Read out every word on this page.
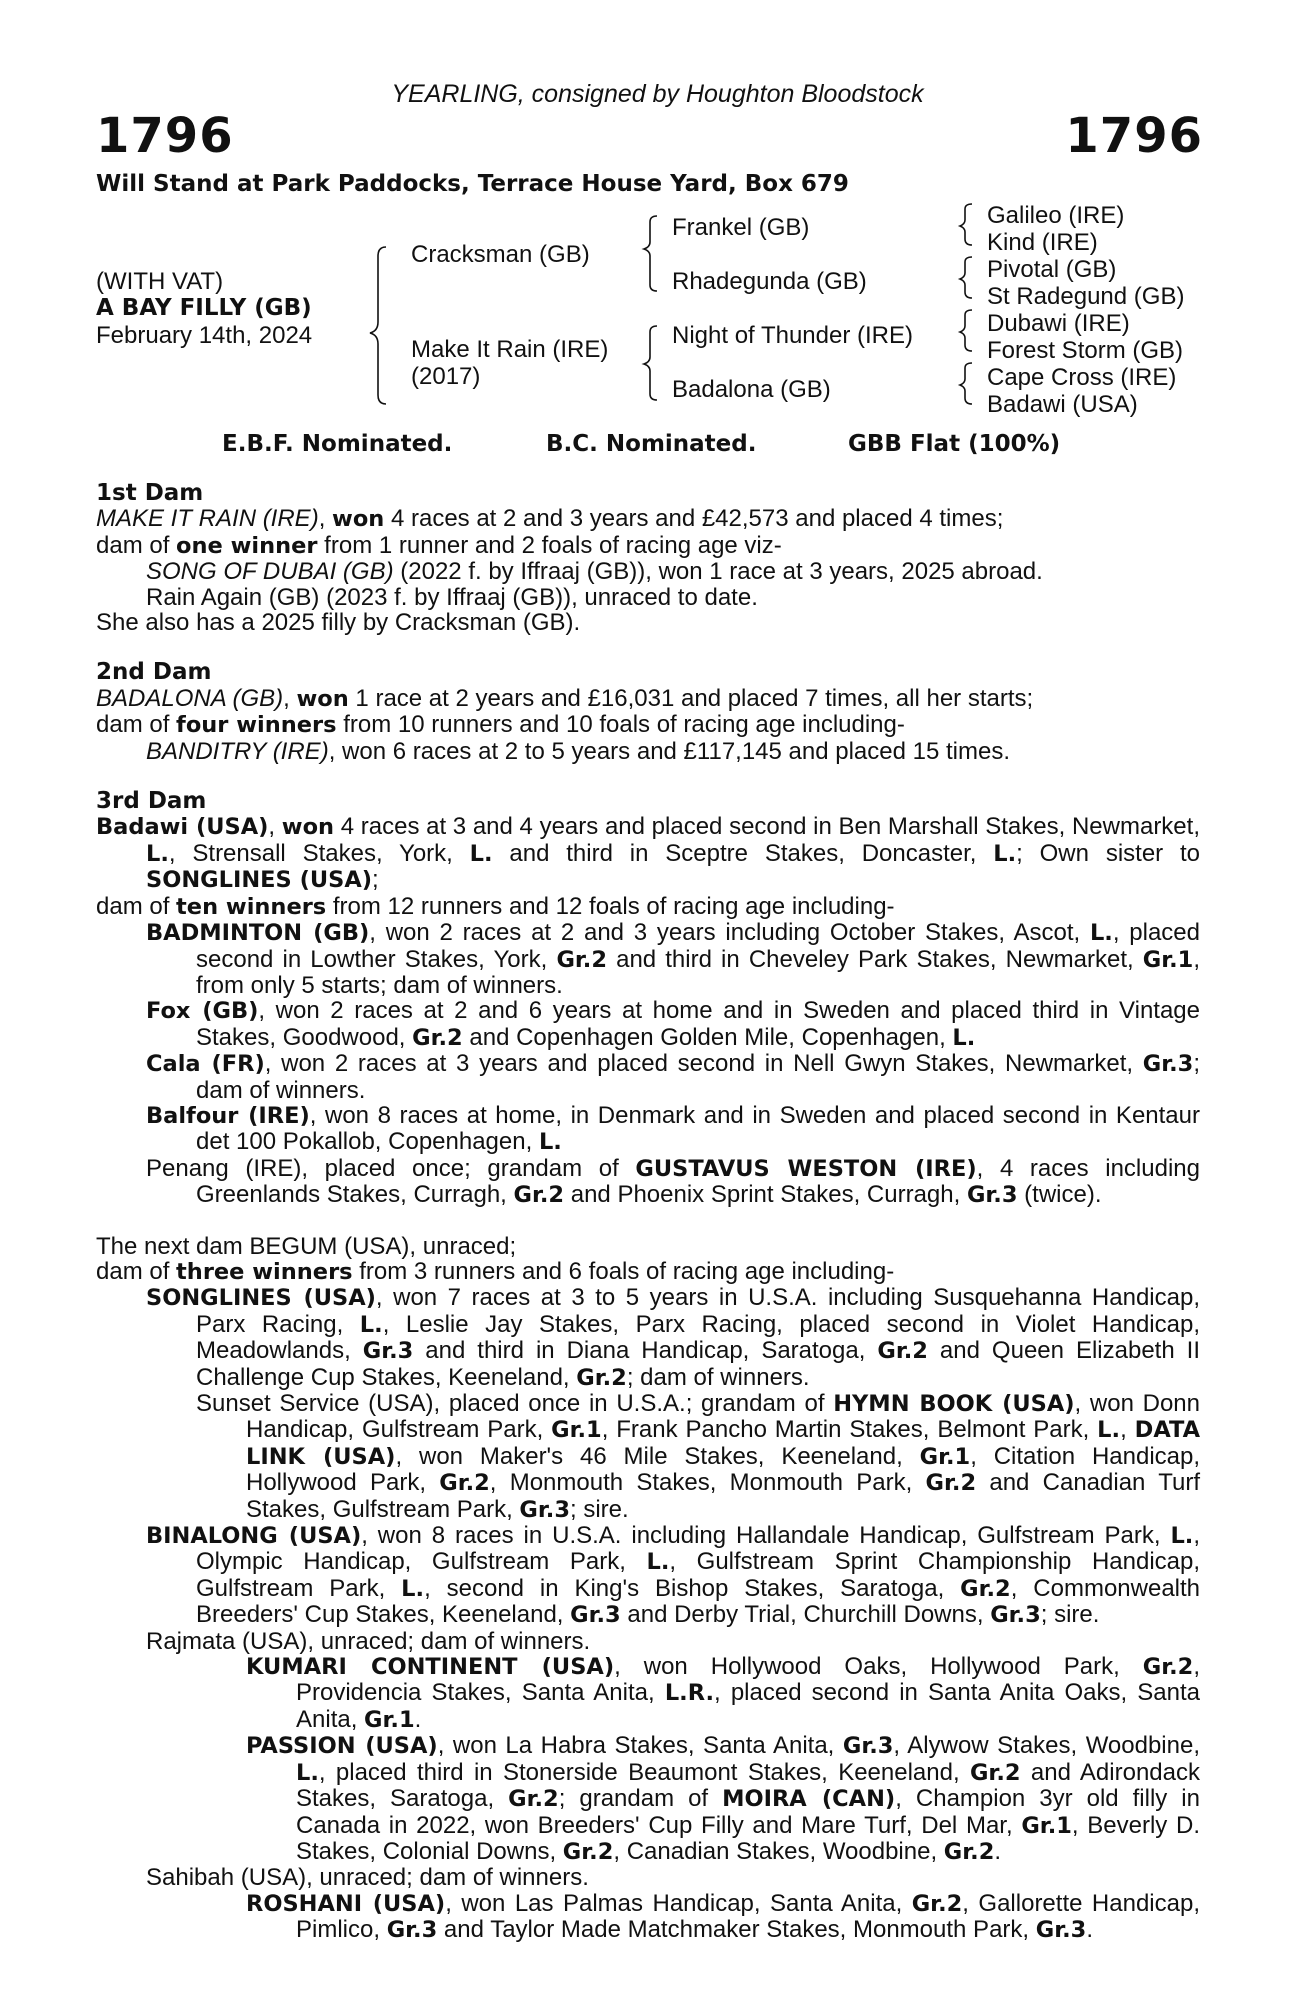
YEARLING, consigned by Houghton Bloodstock
1796	1796
Will Stand at Park Paddocks, Terrace House Yard, Box 679
(WITH VAT)
A BAY FILLY (GB)
February 14th, 2024
Cracksman (GB)
Make It Rain (IRE)
(2017)
Frankel (GB)
Rhadegunda (GB)
Night of Thunder (IRE)
Badalona (GB)
Galileo (IRE)
Kind (IRE)
Pivotal (GB)
St Radegund (GB)
Dubawi (IRE)
Forest Storm (GB)
Cape Cross (IRE)
Badawi (USA)
E.B.F. Nominated.	B.C. Nominated.	GBB Flat (100%)

1st Dam

MAKE IT RAIN (IRE), won 4 races at 2 and 3 years and £42,573 and placed 4 times;

dam of one winner from 1 runner and 2 foals of racing age viz-

SONG OF DUBAI (GB) (2022 f. by Iffraaj (GB)), won 1 race at 3 years, 2025 abroad.

Rain Again (GB) (2023 f. by Iffraaj (GB)), unraced to date.

She also has a 2025 filly by Cracksman (GB).

2nd Dam

BADALONA (GB), won 1 race at 2 years and £16,031 and placed 7 times, all her starts;

dam of four winners from 10 runners and 10 foals of racing age including-

BANDITRY (IRE), won 6 races at 2 to 5 years and £117,145 and placed 15 times.

3rd Dam

Badawi (USA), won 4 races at 3 and 4 years and placed second in Ben Marshall Stakes, Newmarket, L., Strensall Stakes, York, L. and third in Sceptre Stakes, Doncaster, L.; Own sister to SONGLINES (USA);

dam of ten winners from 12 runners and 12 foals of racing age including-

BADMINTON (GB), won 2 races at 2 and 3 years including October Stakes, Ascot, L., placed second in Lowther Stakes, York, Gr.2 and third in Cheveley Park Stakes, Newmarket, Gr.1, from only 5 starts; dam of winners.

Fox (GB), won 2 races at 2 and 6 years at home and in Sweden and placed third in Vintage Stakes, Goodwood, Gr.2 and Copenhagen Golden Mile, Copenhagen, L.

Cala (FR), won 2 races at 3 years and placed second in Nell Gwyn Stakes, Newmarket, Gr.3; dam of winners.

Balfour (IRE), won 8 races at home, in Denmark and in Sweden and placed second in Kentaur det 100 Pokallob, Copenhagen, L.

Penang (IRE), placed once; grandam of GUSTAVUS WESTON (IRE), 4 races including Greenlands Stakes, Curragh, Gr.2 and Phoenix Sprint Stakes, Curragh, Gr.3 (twice).

The next dam BEGUM (USA), unraced;

dam of three winners from 3 runners and 6 foals of racing age including-

SONGLINES (USA), won 7 races at 3 to 5 years in U.S.A. including Susquehanna Handicap, Parx Racing, L., Leslie Jay Stakes, Parx Racing, placed second in Violet Handicap, Meadowlands, Gr.3 and third in Diana Handicap, Saratoga, Gr.2 and Queen Elizabeth II Challenge Cup Stakes, Keeneland, Gr.2; dam of winners.

Sunset Service (USA), placed once in U.S.A.; grandam of HYMN BOOK (USA), won Donn Handicap, Gulfstream Park, Gr.1, Frank Pancho Martin Stakes, Belmont Park, L., DATA LINK (USA), won Maker's 46 Mile Stakes, Keeneland, Gr.1, Citation Handicap, Hollywood Park, Gr.2, Monmouth Stakes, Monmouth Park, Gr.2 and Canadian Turf Stakes, Gulfstream Park, Gr.3; sire.

BINALONG (USA), won 8 races in U.S.A. including Hallandale Handicap, Gulfstream Park, L., Olympic Handicap, Gulfstream Park, L., Gulfstream Sprint Championship Handicap, Gulfstream Park, L., second in King's Bishop Stakes, Saratoga, Gr.2, Commonwealth Breeders' Cup Stakes, Keeneland, Gr.3 and Derby Trial, Churchill Downs, Gr.3; sire.

Rajmata (USA), unraced; dam of winners.

KUMARI CONTINENT (USA), won Hollywood Oaks, Hollywood Park, Gr.2, Providencia Stakes, Santa Anita, L.R., placed second in Santa Anita Oaks, Santa Anita, Gr.1.

PASSION (USA), won La Habra Stakes, Santa Anita, Gr.3, Alywow Stakes, Woodbine, L., placed third in Stonerside Beaumont Stakes, Keeneland, Gr.2 and Adirondack Stakes, Saratoga, Gr.2; grandam of MOIRA (CAN), Champion 3yr old filly in Canada in 2022, won Breeders' Cup Filly and Mare Turf, Del Mar, Gr.1, Beverly D. Stakes, Colonial Downs, Gr.2, Canadian Stakes, Woodbine, Gr.2.

Sahibah (USA), unraced; dam of winners.

ROSHANI (USA), won Las Palmas Handicap, Santa Anita, Gr.2, Gallorette Handicap, Pimlico, Gr.3 and Taylor Made Matchmaker Stakes, Monmouth Park, Gr.3.
